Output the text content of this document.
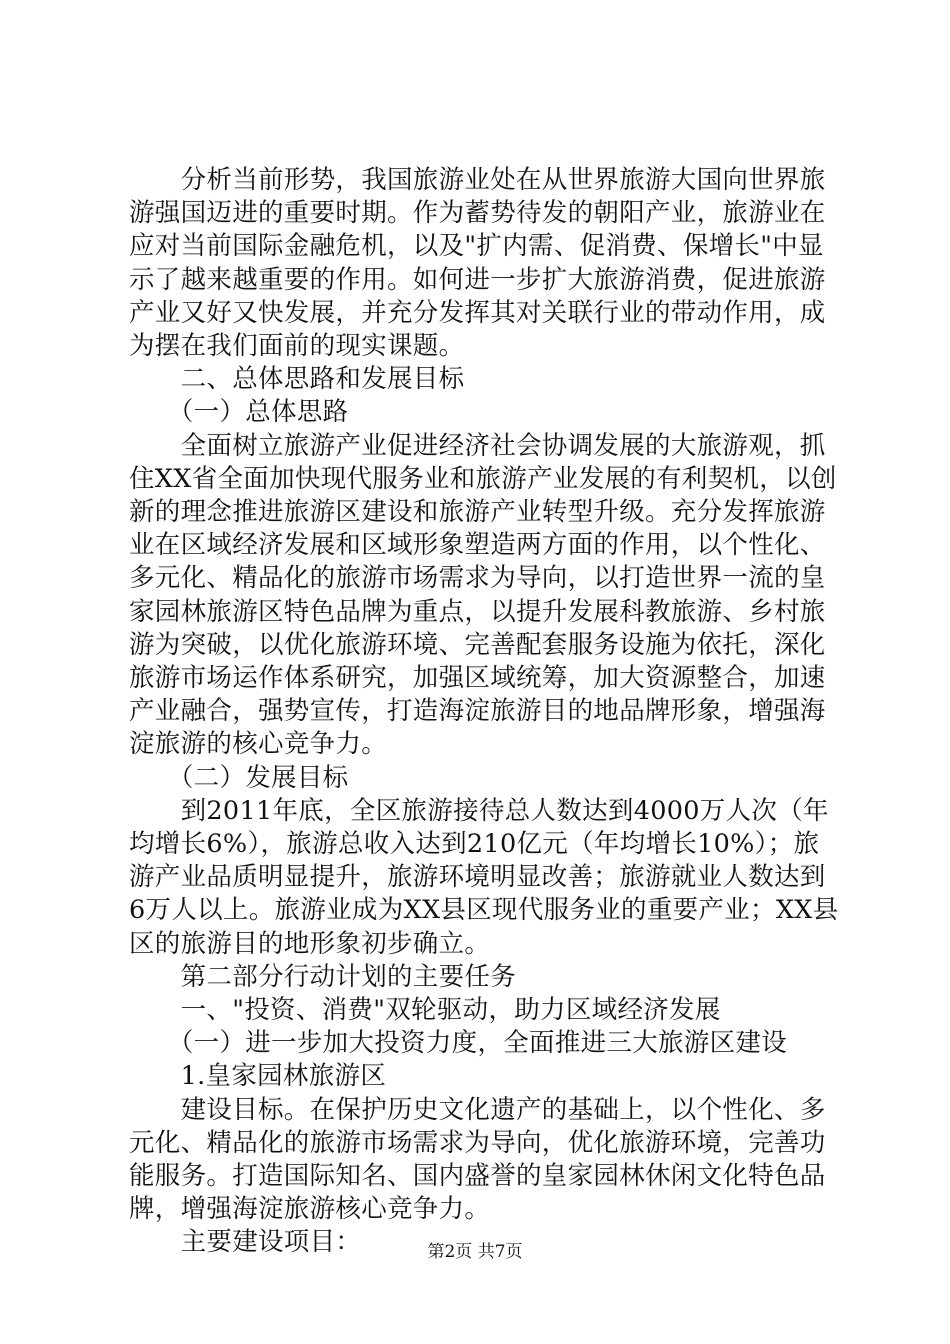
　　分析当前形势，我国旅游业处在从世界旅游大国向世界旅
游强国迈进的重要时期。作为蓄势待发的朝阳产业，旅游业在
应对当前国际金融危机，以及"扩内需、促消费、保增长"中显
示了越来越重要的作用。如何进一步扩大旅游消费，促进旅游
产业又好又快发展，并充分发挥其对关联行业的带动作用，成
为摆在我们面前的现实课题。
　　二、总体思路和发展目标
　　（一）总体思路
　　全面树立旅游产业促进经济社会协调发展的大旅游观，抓
住XX省全面加快现代服务业和旅游产业发展的有利契机，以创
新的理念推进旅游区建设和旅游产业转型升级。充分发挥旅游
业在区域经济发展和区域形象塑造两方面的作用，以个性化、
多元化、精品化的旅游市场需求为导向，以打造世界一流的皇
家园林旅游区特色品牌为重点，以提升发展科教旅游、乡村旅
游为突破，以优化旅游环境、完善配套服务设施为依托，深化
旅游市场运作体系研究，加强区域统筹，加大资源整合，加速
产业融合，强势宣传，打造海淀旅游目的地品牌形象，增强海
淀旅游的核心竞争力。
　　（二）发展目标
　　到2011年底，全区旅游接待总人数达到4000万人次（年
均增长6%），旅游总收入达到210亿元（年均增长10%）；旅
游产业品质明显提升，旅游环境明显改善；旅游就业人数达到
6万人以上。旅游业成为XX县区现代服务业的重要产业；XX县
区的旅游目的地形象初步确立。
　　第二部分行动计划的主要任务
　　一、"投资、消费"双轮驱动，助力区域经济发展
　　（一）进一步加大投资力度，全面推进三大旅游区建设
　　1.皇家园林旅游区
　　建设目标。在保护历史文化遗产的基础上，以个性化、多
元化、精品化的旅游市场需求为导向，优化旅游环境，完善功
能服务。打造国际知名、国内盛誉的皇家园林休闲文化特色品
牌，增强海淀旅游核心竞争力。
　　主要建设项目：	第2页 共7页
